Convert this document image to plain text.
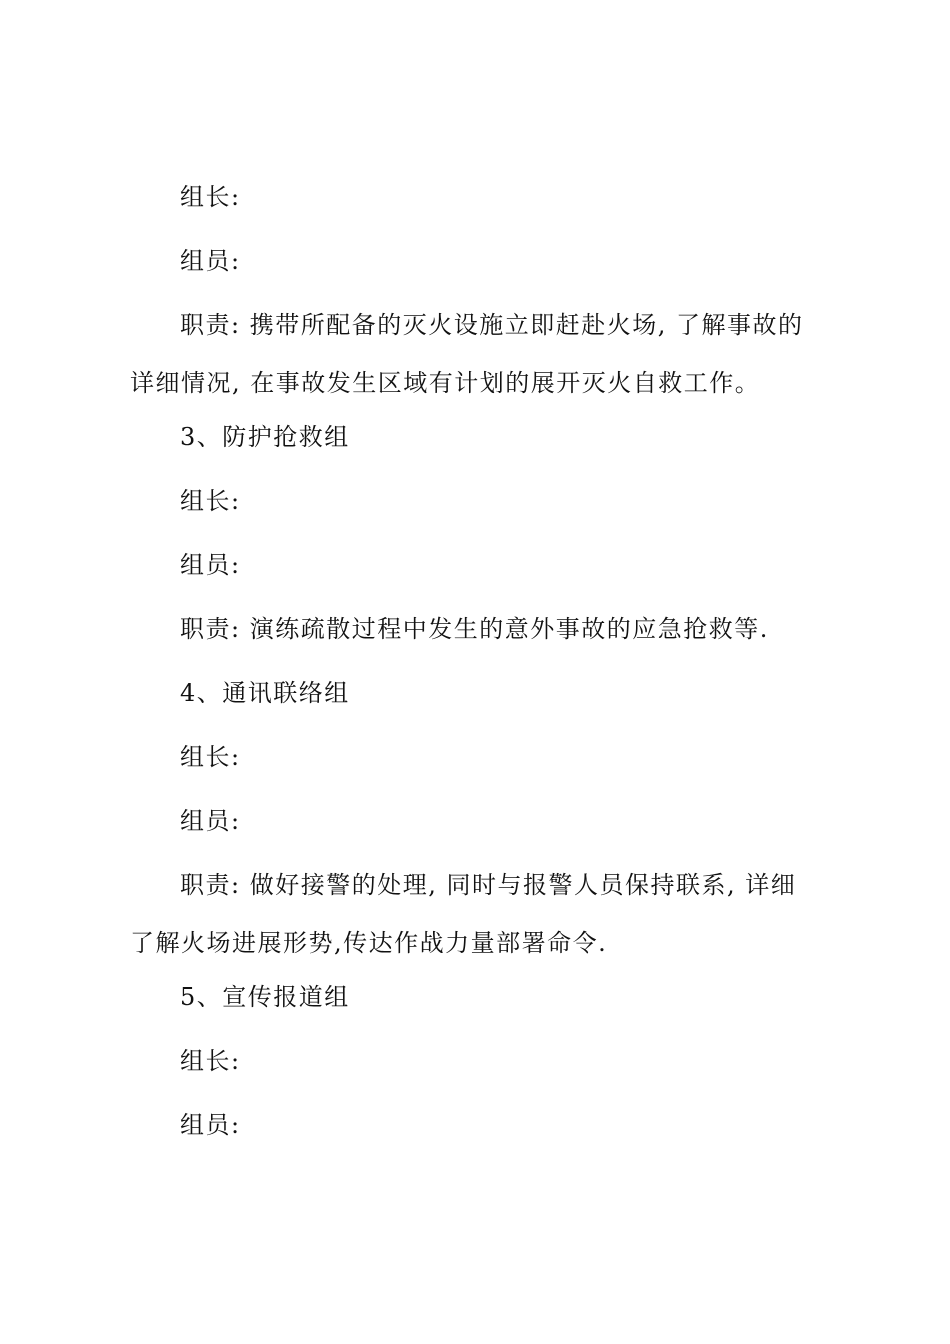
组长:
组员:
职责: 携带所配备的灭火设施立即赶赴火场, 了解事故的
详细情况, 在事故发生区域有计划的展开灭火自救工作。
3、防护抢救组
组长:
组员:
职责: 演练疏散过程中发生的意外事故的应急抢救等.
4、通讯联络组
组长:
组员:
职责: 做好接警的处理, 同时与报警人员保持联系, 详细
了解火场进展形势,传达作战力量部署命令.
5、宣传报道组
组长:
组员:
